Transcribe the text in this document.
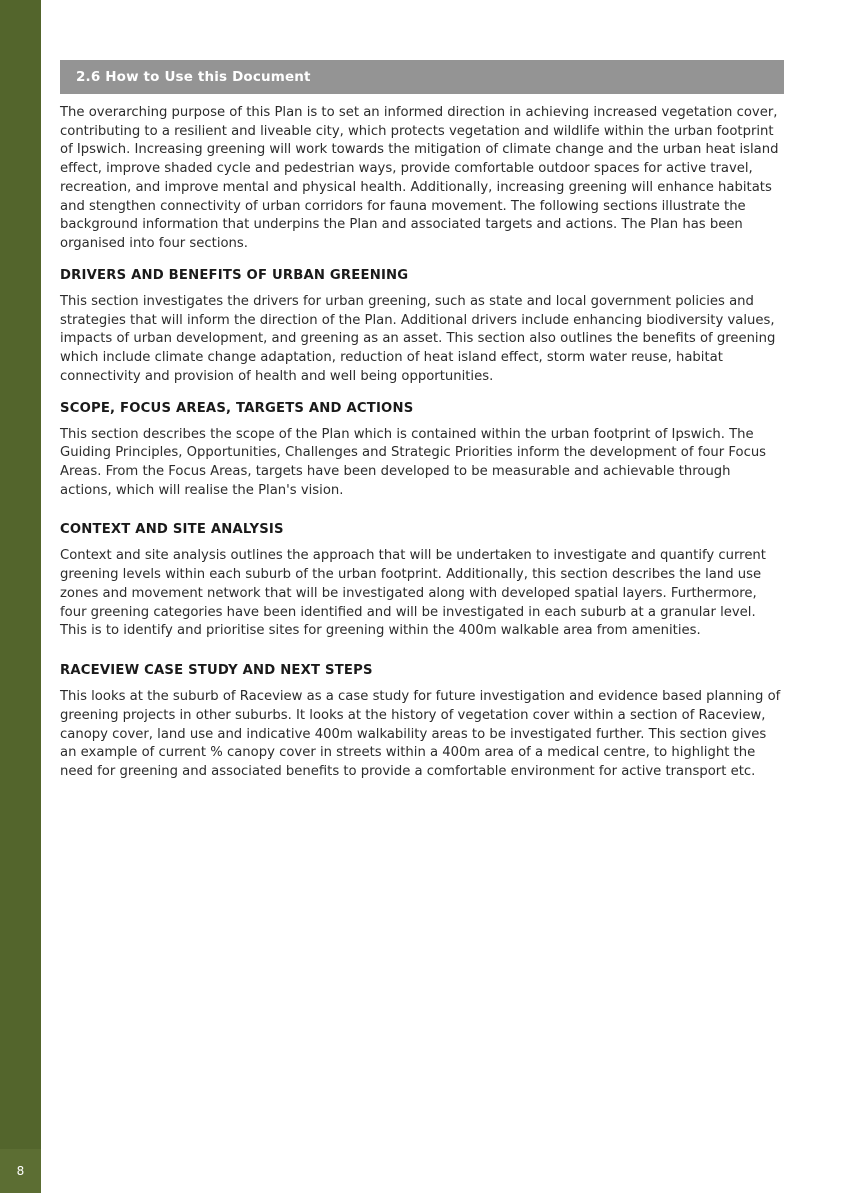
8
2.6 How to Use this Document

The overarching purpose of this Plan is to set an informed direction in achieving increased vegetation cover, contributing to a resilient and liveable city, which protects vegetation and wildlife within the urban footprint of Ipswich. Increasing greening will work towards the mitigation of climate change and the urban heat island effect, improve shaded cycle and pedestrian ways, provide comfortable outdoor spaces for active travel, recreation, and improve mental and physical health. Additionally, increasing greening will enhance habitats and stengthen connectivity of urban corridors for fauna movement. The following sections illustrate the background information that underpins the Plan and associated targets and actions. The Plan has been organised into four sections.

DRIVERS AND BENEFITS OF URBAN GREENING

This section investigates the drivers for urban greening, such as state and local government policies and strategies that will inform the direction of the Plan. Additional drivers include enhancing biodiversity values, impacts of urban development, and greening as an asset. This section also outlines the benefits of greening which include climate change adaptation, reduction of heat island effect, storm water reuse, habitat connectivity and provision of health and well being opportunities.

SCOPE, FOCUS AREAS, TARGETS AND ACTIONS

This section describes the scope of the Plan which is contained within the urban footprint of Ipswich. The Guiding Principles, Opportunities, Challenges and Strategic Priorities inform the development of four Focus Areas. From the Focus Areas, targets have been developed to be measurable and achievable through actions, which will realise the Plan's vision.

CONTEXT AND SITE ANALYSIS

Context and site analysis outlines the approach that will be undertaken to investigate and quantify current greening levels within each suburb of the urban footprint. Additionally, this section describes the land use zones and movement network that will be investigated along with developed spatial layers. Furthermore, four greening categories have been identified and will be investigated in each suburb at a granular level. This is to identify and prioritise sites for greening within the 400m walkable area from amenities.

RACEVIEW CASE STUDY AND NEXT STEPS

This looks at the suburb of Raceview as a case study for future investigation and evidence based planning of greening projects in other suburbs. It looks at the history of vegetation cover within a section of Raceview, canopy cover, land use and indicative 400m walkability areas to be investigated further. This section gives an example of current % canopy cover in streets within a 400m area of a medical centre, to highlight the need for greening and associated benefits to provide a comfortable environment for active transport etc.
